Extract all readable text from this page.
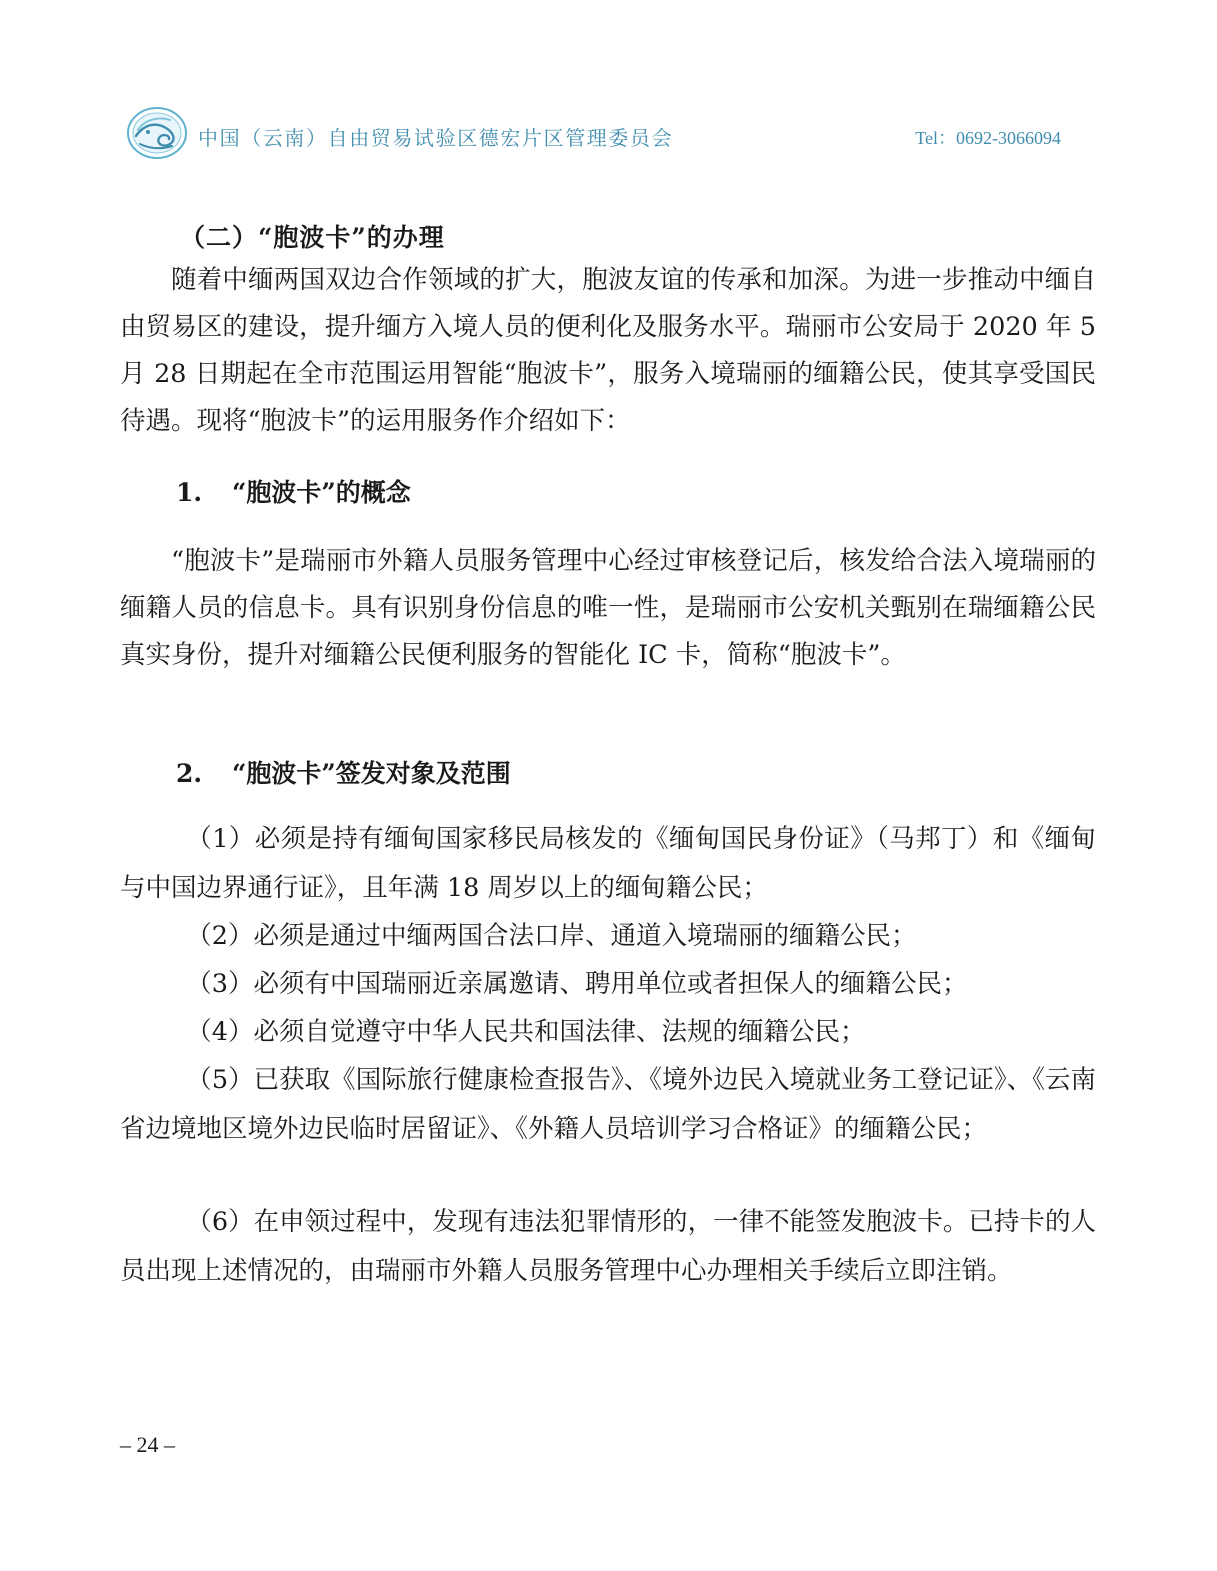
中国（云南）自由贸易试验区德宏片区管理委员会	Tel：0692-3066094
（二）“胞波卡”的办理

随着中缅两国双边合作领域的扩大，胞波友谊的传承和加深。为进一步推动中缅自由贸易区的建设，提升缅方入境人员的便利化及服务水平。瑞丽市公安局于 2020 年 5 月 28 日期起在全市范围运用智能“胞波卡”，服务入境瑞丽的缅籍公民，使其享受国民待遇。现将“胞波卡”的运用服务作介绍如下：

1. “胞波卡”的概念

“胞波卡”是瑞丽市外籍人员服务管理中心经过审核登记后，核发给合法入境瑞丽的缅籍人员的信息卡。具有识别身份信息的唯一性，是瑞丽市公安机关甄别在瑞缅籍公民真实身份，提升对缅籍公民便利服务的智能化 IC 卡，简称“胞波卡”。

2. “胞波卡”签发对象及范围

（1）必须是持有缅甸国家移民局核发的《缅甸国民身份证》（马邦丁）和《缅甸与中国边界通行证》，且年满 18 周岁以上的缅甸籍公民；

（2）必须是通过中缅两国合法口岸、通道入境瑞丽的缅籍公民；

（3）必须有中国瑞丽近亲属邀请、聘用单位或者担保人的缅籍公民；

（4）必须自觉遵守中华人民共和国法律、法规的缅籍公民；

（5）已获取《国际旅行健康检查报告》、《境外边民入境就业务工登记证》、《云南省边境地区境外边民临时居留证》、《外籍人员培训学习合格证》的缅籍公民；

（6）在申领过程中，发现有违法犯罪情形的，一律不能签发胞波卡。已持卡的人员出现上述情况的，由瑞丽市外籍人员服务管理中心办理相关手续后立即注销。

– 24 –
